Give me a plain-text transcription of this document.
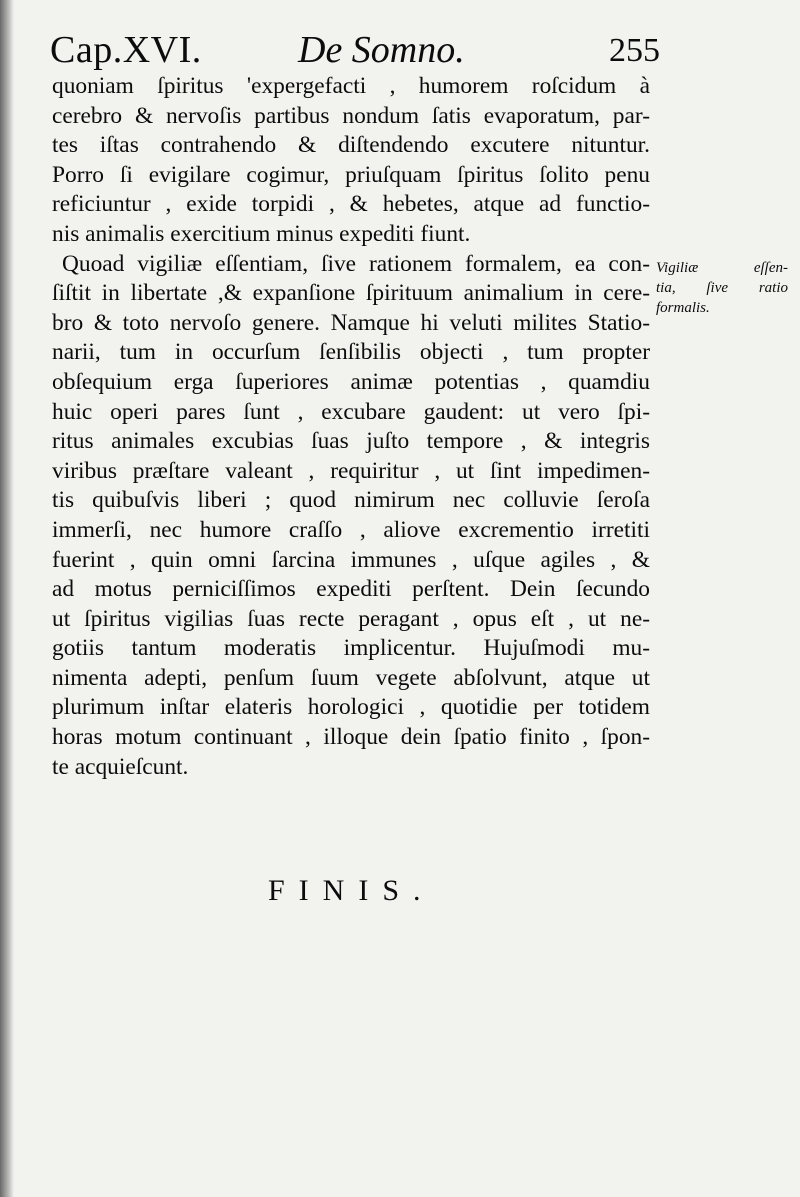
Cap.XVI.	De Somno.	255
quoniam ſpiritus 'expergefacti , humorem roſcidum à
cerebro & nervoſis partibus nondum ſatis evaporatum, par-
tes iſtas contrahendo & diſtendendo excutere nituntur.
Porro ſi evigilare cogimur, priuſquam ſpiritus ſolito penu
reficiuntur , exide torpidi , & hebetes, atque ad functio-
nis animalis exercitium minus expediti fiunt.
Quoad vigiliæ eſſentiam, ſive rationem formalem, ea con-
ſiſtit in libertate ,& expanſione ſpirituum animalium in cere-
bro & toto nervoſo genere. Namque hi veluti milites Statio-
narii, tum in occurſum ſenſibilis objecti , tum propter
obſequium erga ſuperiores animæ potentias , quamdiu
huic operi pares ſunt , excubare gaudent: ut vero ſpi-
ritus animales excubias ſuas juſto tempore , & integris
viribus præſtare valeant , requiritur , ut ſint impedimen-
tis quibuſvis liberi ; quod nimirum nec colluvie ſeroſa
immerſi, nec humore craſſo , aliove excrementio irretiti
fuerint , quin omni ſarcina immunes , uſque agiles , &
ad motus perniciſſimos expediti perſtent. Dein ſecundo
ut ſpiritus vigilias ſuas recte peragant , opus eſt , ut ne-
gotiis tantum moderatis implicentur. Hujuſmodi mu-
nimenta adepti, penſum ſuum vegete abſolvunt, atque ut
plurimum inſtar elateris horologici , quotidie per totidem
horas motum continuant , illoque dein ſpatio finito , ſpon-
te acquieſcunt.
Vigiliæ eſſen-
tia, ſive ratio
formalis.
FINIS.
